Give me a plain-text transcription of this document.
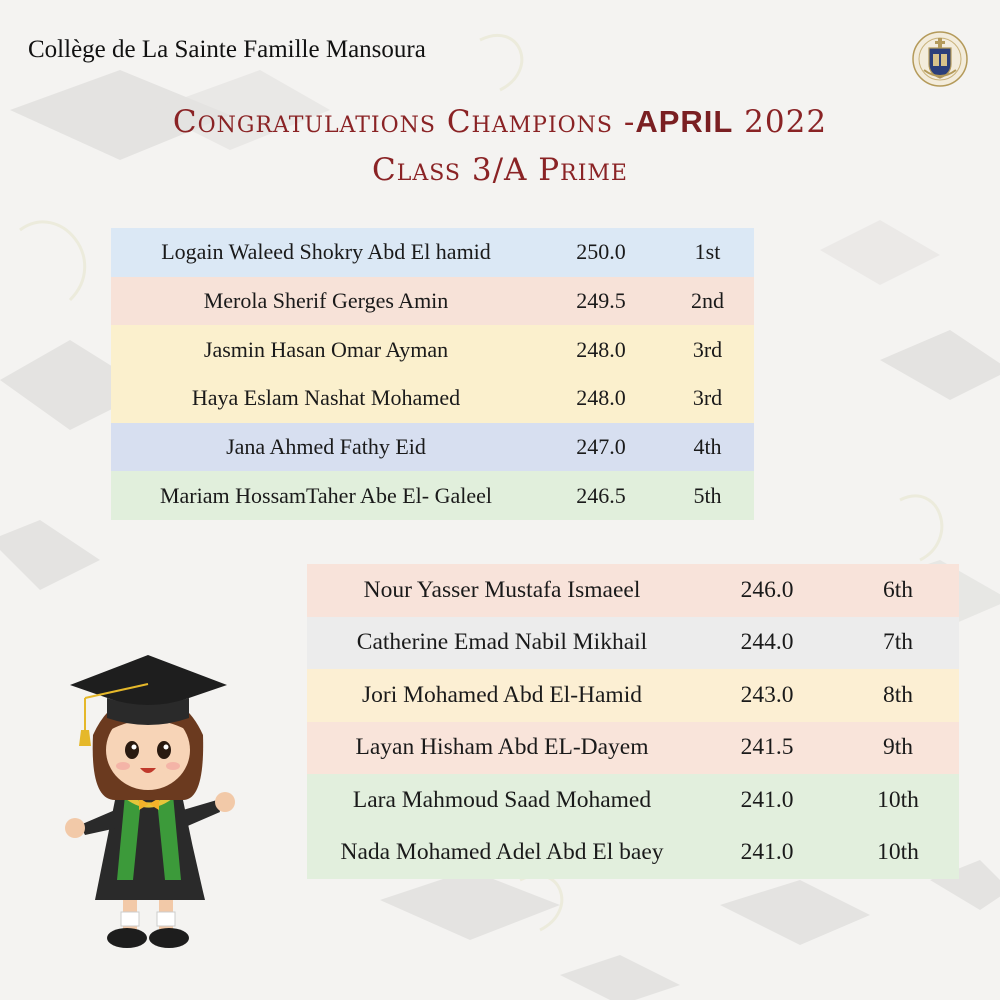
Collège de La Sainte Famille Mansoura
Congratulations Champions -APRIL 2022
Class 3/A Prime
Logain Waleed Shokry Abd El hamid	250.0	1st
Merola Sherif Gerges Amin	249.5	2nd
Jasmin Hasan Omar Ayman	248.0	3rd
Haya Eslam Nashat Mohamed	248.0	3rd
Jana Ahmed Fathy Eid	247.0	4th
Mariam HossamTaher Abe El- Galeel	246.5	5th
Nour Yasser Mustafa Ismaeel	246.0	6th
Catherine Emad Nabil Mikhail	244.0	7th
Jori Mohamed Abd El-Hamid	243.0	8th
Layan Hisham Abd EL-Dayem	241.5	9th
Lara Mahmoud Saad Mohamed	241.0	10th
Nada Mohamed Adel Abd El baey	241.0	10th
